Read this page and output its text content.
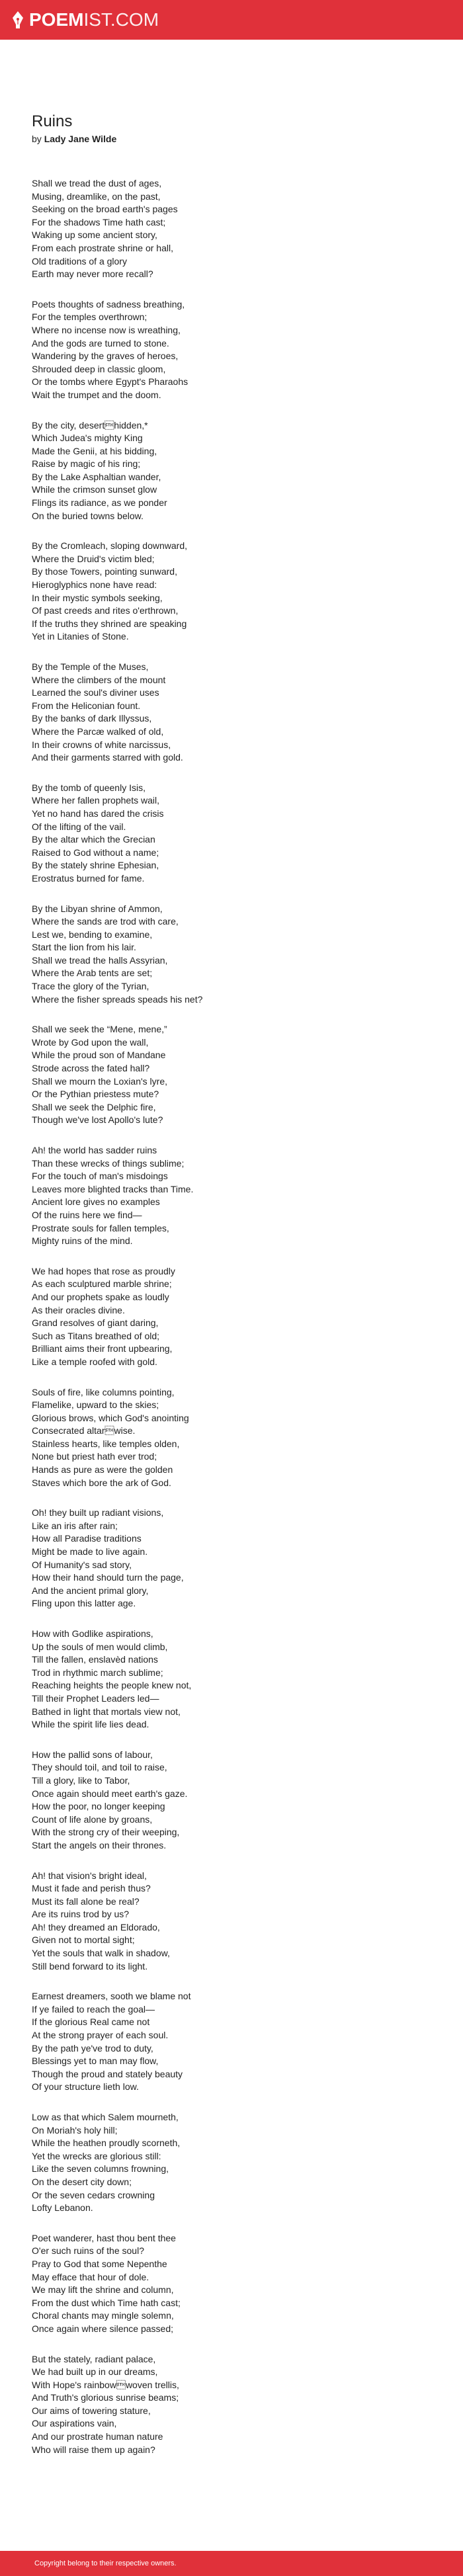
POEM IST.COM
Ruins
by Lady Jane Wilde
Shall we tread the dust of ages,
Musing, dreamlike, on the past,
Seeking on the broad earth's pages
For the shadows Time hath cast;
Waking up some ancient story,
From each prostrate shrine or hall,
Old traditions of a glory
Earth may never more recall?
Poets thoughts of sadness breathing,
For the temples overthrown;
Where no incense now is wreathing,
And the gods are turned to stone.
Wandering by the graves of heroes,
Shrouded deep in classic gloom,
Or the tombs where Egypt's Pharaohs
Wait the trumpet and the doom.
By the city, deserthidden,*
Which Judea's mighty King
Made the Genii, at his bidding,
Raise by magic of his ring;
By the Lake Asphaltian wander,
While the crimson sunset glow
Flings its radiance, as we ponder
On the buried towns below.
By the Cromleach, sloping downward,
Where the Druid's victim bled;
By those Towers, pointing sunward,
Hieroglyphics none have read:
In their mystic symbols seeking,
Of past creeds and rites o'erthrown,
If the truths they shrined are speaking
Yet in Litanies of Stone.
By the Temple of the Muses,
Where the climbers of the mount
Learned the soul's diviner uses
From the Heliconian fount.
By the banks of dark Illyssus,
Where the Parcæ walked of old,
In their crowns of white narcissus,
And their garments starred with gold.
By the tomb of queenly Isis,
Where her fallen prophets wail,
Yet no hand has dared the crisis
Of the lifting of the vail.
By the altar which the Grecian
Raised to God without a name;
By the stately shrine Ephesian,
Erostratus burned for fame.
By the Libyan shrine of Ammon,
Where the sands are trod with care,
Lest we, bending to examine,
Start the lion from his lair.
Shall we tread the halls Assyrian,
Where the Arab tents are set;
Trace the glory of the Tyrian,
Where the fisher spreads speads his net?
Shall we seek the “Mene, mene,”
Wrote by God upon the wall,
While the proud son of Mandane
Strode across the fated hall?
Shall we mourn the Loxian's lyre,
Or the Pythian priestess mute?
Shall we seek the Delphic fire,
Though we've lost Apollo's lute?
Ah! the world has sadder ruins
Than these wrecks of things sublime;
For the touch of man's misdoings
Leaves more blighted tracks than Time.
Ancient lore gives no examples
Of the ruins here we find—
Prostrate souls for fallen temples,
Mighty ruins of the mind.
We had hopes that rose as proudly
As each sculptured marble shrine;
And our prophets spake as loudly
As their oracles divine.
Grand resolves of giant daring,
Such as Titans breathed of old;
Brilliant aims their front upbearing,
Like a temple roofed with gold.
Souls of fire, like columns pointing,
Flamelike, upward to the skies;
Glorious brows, which God's anointing
Consecrated altarwise.
Stainless hearts, like temples olden,
None but priest hath ever trod;
Hands as pure as were the golden
Staves which bore the ark of God.
Oh! they built up radiant visions,
Like an iris after rain;
How all Paradise traditions
Might be made to live again.
Of Humanity's sad story,
How their hand should turn the page,
And the ancient primal glory,
Fling upon this latter age.
How with Godlike aspirations,
Up the souls of men would climb,
Till the fallen, enslavèd nations
Trod in rhythmic march sublime;
Reaching heights the people knew not,
Till their Prophet Leaders led—
Bathed in light that mortals view not,
While the spirit life lies dead.
How the pallid sons of labour,
They should toil, and toil to raise,
Till a glory, like to Tabor,
Once again should meet earth's gaze.
How the poor, no longer keeping
Count of life alone by groans,
With the strong cry of their weeping,
Start the angels on their thrones.
Ah! that vision's bright ideal,
Must it fade and perish thus?
Must its fall alone be real?
Are its ruins trod by us?
Ah! they dreamed an Eldorado,
Given not to mortal sight;
Yet the souls that walk in shadow,
Still bend forward to its light.
Earnest dreamers, sooth we blame not
If ye failed to reach the goal—
If the glorious Real came not
At the strong prayer of each soul.
By the path ye've trod to duty,
Blessings yet to man may flow,
Though the proud and stately beauty
Of your structure lieth low.
Low as that which Salem mourneth,
On Moriah's holy hill;
While the heathen proudly scorneth,
Yet the wrecks are glorious still:
Like the seven columns frowning,
On the desert city down;
Or the seven cedars crowning
Lofty Lebanon.
Poet wanderer, hast thou bent thee
O'er such ruins of the soul?
Pray to God that some Nepenthe
May efface that hour of dole.
We may lift the shrine and column,
From the dust which Time hath cast;
Choral chants may mingle solemn,
Once again where silence passed;
But the stately, radiant palace,
We had built up in our dreams,
With Hope's rainbowwoven trellis,
And Truth's glorious sunrise beams;
Our aims of towering stature,
Our aspirations vain,
And our prostrate human nature
Who will raise them up again?
Copyright belong to their respective owners.
